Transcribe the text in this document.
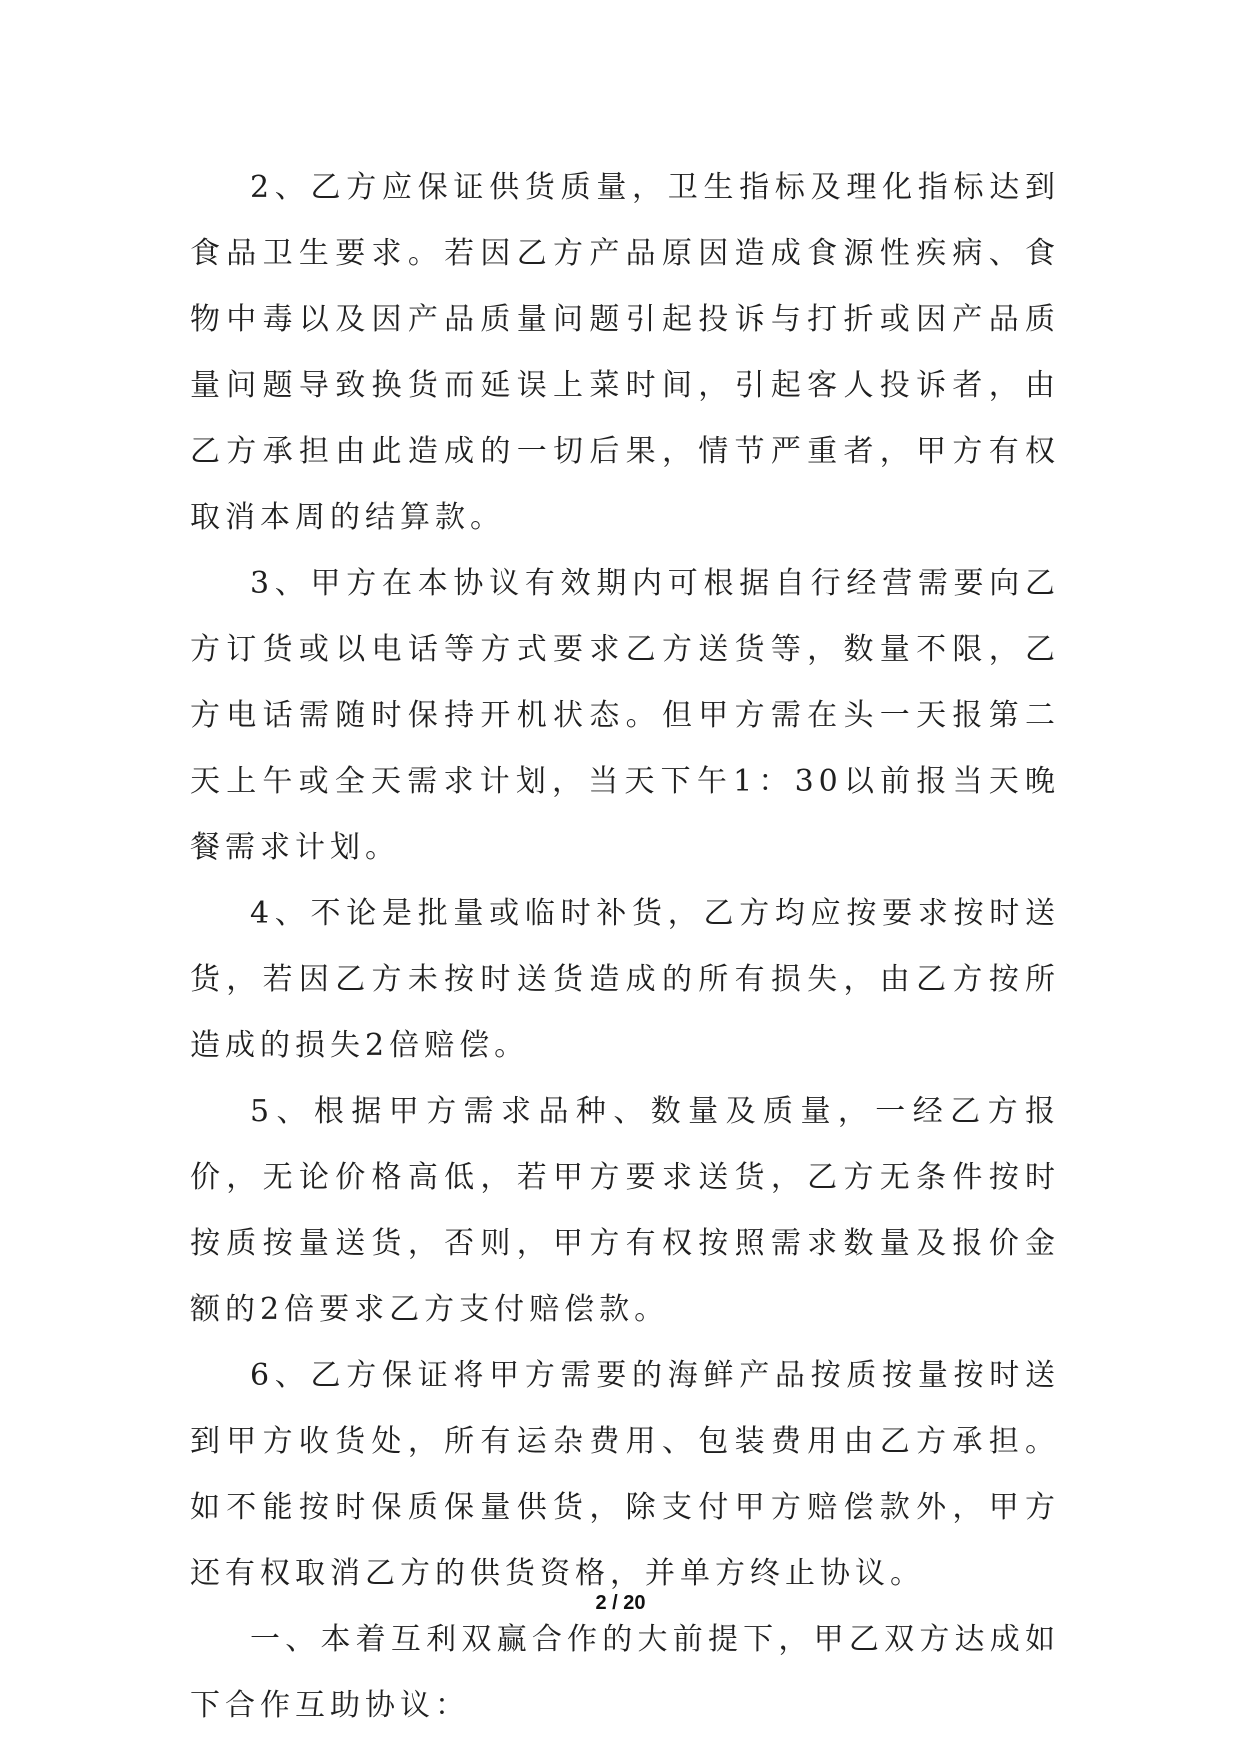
2、乙方应保证供货质量，卫生指标及理化指标达到食品卫生要求。若因乙方产品原因造成食源性疾病、食物中毒以及因产品质量问题引起投诉与打折或因产品质量问题导致换货而延误上菜时间，引起客人投诉者，由乙方承担由此造成的一切后果，情节严重者，甲方有权取消本周的结算款。

3、甲方在本协议有效期内可根据自行经营需要向乙方订货或以电话等方式要求乙方送货等，数量不限，乙方电话需随时保持开机状态。但甲方需在头一天报第二天上午或全天需求计划，当天下午1：30以前报当天晚餐需求计划。

4、不论是批量或临时补货，乙方均应按要求按时送货，若因乙方未按时送货造成的所有损失，由乙方按所造成的损失2倍赔偿。

5、根据甲方需求品种、数量及质量，一经乙方报价，无论价格高低，若甲方要求送货，乙方无条件按时按质按量送货，否则，甲方有权按照需求数量及报价金额的2倍要求乙方支付赔偿款。

6、乙方保证将甲方需要的海鲜产品按质按量按时送到甲方收货处，所有运杂费用、包装费用由乙方承担。如不能按时保质保量供货，除支付甲方赔偿款外，甲方还有权取消乙方的供货资格，并单方终止协议。

一、本着互利双赢合作的大前提下，甲乙双方达成如下合作互助协议：

2 / 20
